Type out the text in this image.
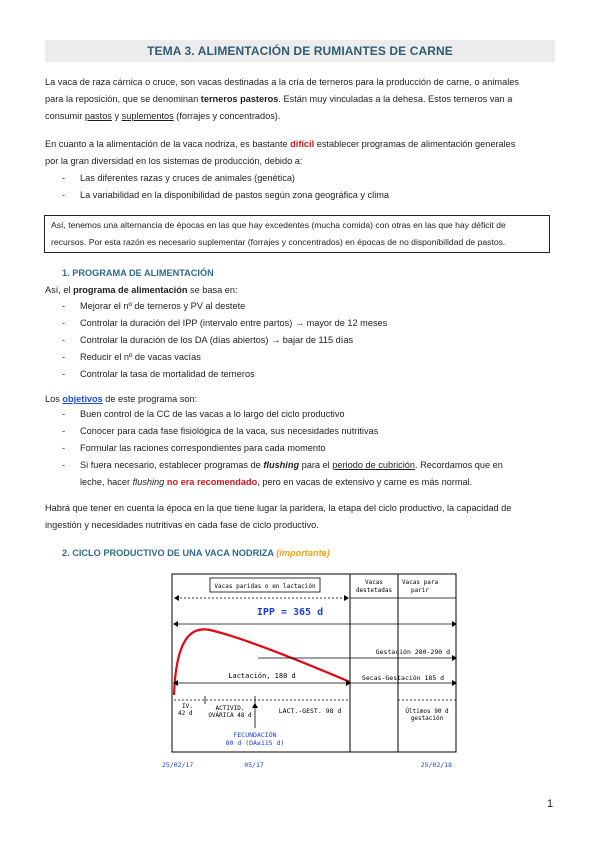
TEMA 3. ALIMENTACIÓN DE RUMIANTES DE CARNE
La vaca de raza cárnica o cruce, son vacas destinadas a la cría de terneros para la producción de carne, o animales
para la reposición, que se denominan terneros pasteros. Están muy vinculadas a la dehesa. Estos terneros van a
consumir pastos y suplementos (forrajes y concentrados).
En cuanto a la alimentación de la vaca nodriza, es bastante difícil establecer programas de alimentación generales
por la gran diversidad en los sistemas de producción, debido a:
- Las diferentes razas y cruces de animales (genética)
- La variabilidad en la disponibilidad de pastos según zona geográfica y clima
Así, tenemos una alternancia de épocas en las que hay excedentes (mucha comida) con otras en las que hay déficit de
recursos. Por esta razón es necesario suplementar (forrajes y concentrados) en épocas de no disponibilidad de pastos.
1. PROGRAMA DE ALIMENTACIÓN
Así, el programa de alimentación se basa en:
- Mejorar el nº de terneros y PV al destete
- Controlar la duración del IPP (intervalo entre partos) → mayor de 12 meses
- Controlar la duración de los DA (días abiertos) → bajar de 115 días
- Reducir el nº de vacas vacías
- Controlar la tasa de mortalidad de terneros
Los objetivos de este programa son:
- Buen control de la CC de las vacas a lo largo del ciclo productivo
- Conocer para cada fase fisiológica de la vaca, sus necesidades nutritivas
- Formular las raciones correspondientes para cada momento
- Si fuera necesario, establecer programas de flushing para el periodo de cubrición. Recordamos que en
leche, hacer flushing no era recomendado, pero en vacas de extensivo y carne es más normal.
Habrá que tener en cuenta la época en la que tiene lugar la paridera, la etapa del ciclo productivo, la capacidad de
ingestión y necesidades nutritivas en cada fase de ciclo productivo.
2. CICLO PRODUCTIVO DE UNA VACA NODRIZA (importante)
Vacas paridas o en lactación
Vacas
destetadas
Vacas para
parir
IPP = 365 d
Gestación 280-290 d
Lactación, 180 d	Secas-Gestación 185 d
IV.
42 d
ACTIVID.
OVÁRICA 48 d
LACT.-GEST. 98 d	Últimos 90 d
gestación
FECUNDACIÓN
80 d (DA≤115 d)
25/02/17	05/17	25/02/18
1
